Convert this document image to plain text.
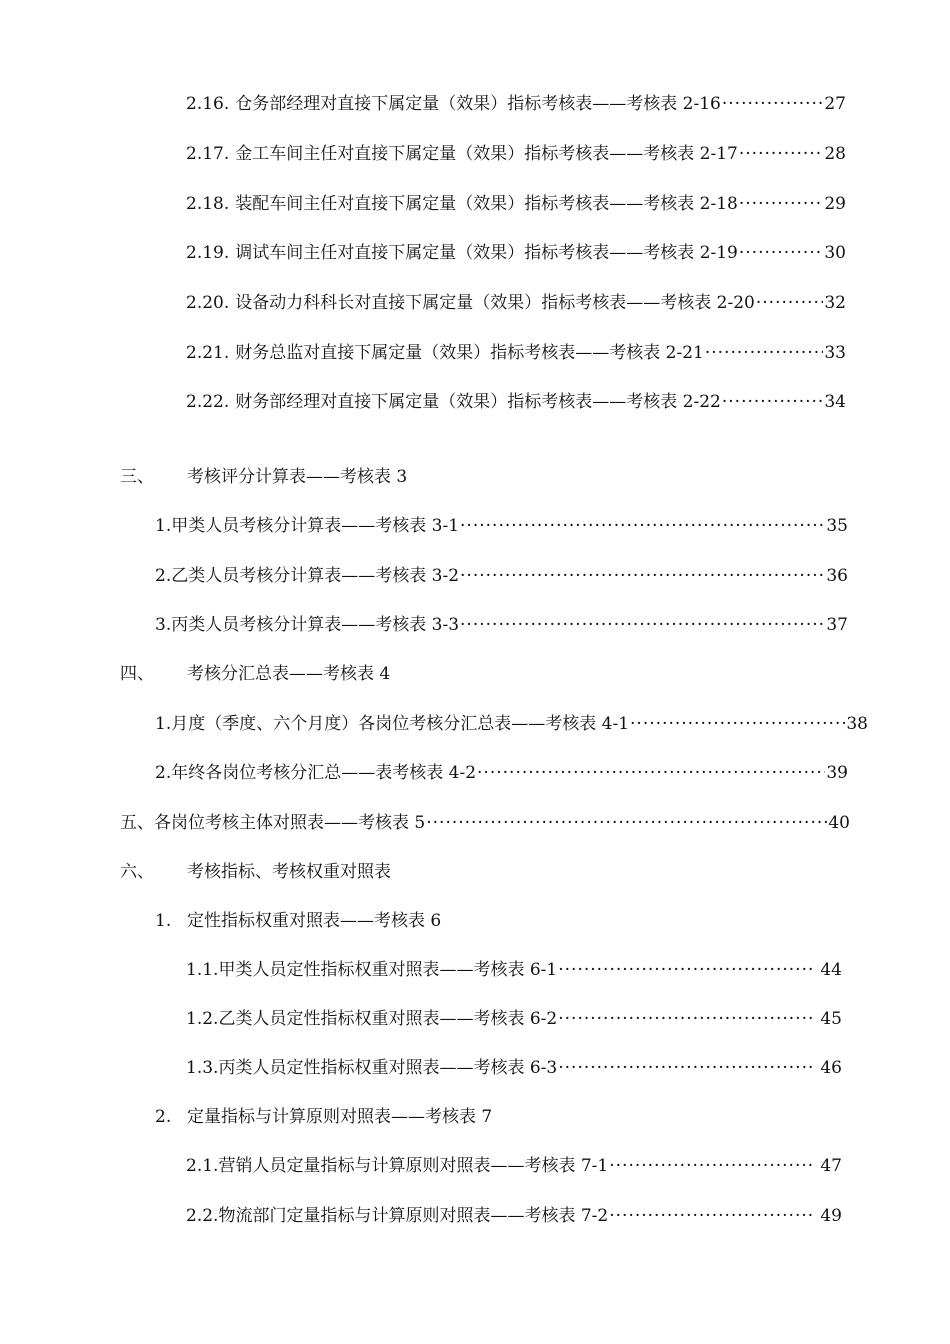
2.16. 仓务部经理对直接下属定量（效果）指标考核表——考核表 2-16 ·····	27
2.17. 金工车间主任对直接下属定量（效果）指标考核表——考核表 2-17 ·····	28
2.18. 装配车间主任对直接下属定量（效果）指标考核表——考核表 2-18 ·····	29
2.19. 调试车间主任对直接下属定量（效果）指标考核表——考核表 2-19 ·····	30
2.20. 设备动力科科长对直接下属定量（效果）指标考核表——考核表 2-20 ·····	32
2.21. 财务总监对直接下属定量（效果）指标考核表——考核表 2-21 ·····	33
2.22. 财务部经理对直接下属定量（效果）指标考核表——考核表 2-22 ·····	34
三、	考核评分计算表——考核表 3
1. 甲类人员考核分计算表——考核表 3-1 ·····	35
2. 乙类人员考核分计算表——考核表 3-2 ·····	36
3. 丙类人员考核分计算表——考核表 3-3 ·····	37
四、	考核分汇总表——考核表 4
1. 月度（季度、六个月度）各岗位考核分汇总表——考核表 4-1 ·····	38
2. 年终各岗位考核分汇总——表考核表 4-2 ·····	39
五、 各岗位考核主体对照表——考核表 5 ·····	40
六、	考核指标、考核权重对照表
1. 定性指标权重对照表——考核表 6
1.1. 甲类人员定性指标权重对照表——考核表 6-1 ·····	44
1.2. 乙类人员定性指标权重对照表——考核表 6-2 ·····	45
1.3. 丙类人员定性指标权重对照表——考核表 6-3 ·····	46
2. 定量指标与计算原则对照表——考核表 7
2.1. 营销人员定量指标与计算原则对照表——考核表 7-1 ·····	47
2.2. 物流部门定量指标与计算原则对照表——考核表 7-2 ·····	49
